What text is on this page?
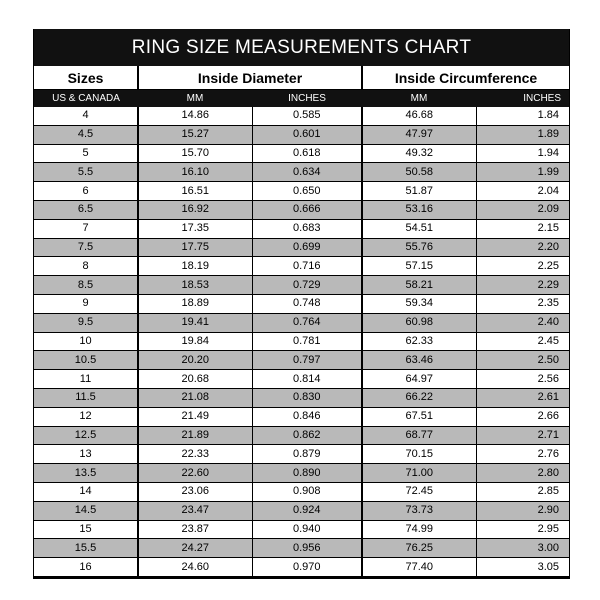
RING SIZE MEASUREMENTS CHART
Sizes	Inside Diameter		Inside Circumference	
US & CANADA	MM	INCHES	MM	INCHES
4	14.86	0.585	46.68	1.84
4.5	15.27	0.601	47.97	1.89
5	15.70	0.618	49.32	1.94
5.5	16.10	0.634	50.58	1.99
6	16.51	0.650	51.87	2.04
6.5	16.92	0.666	53.16	2.09
7	17.35	0.683	54.51	2.15
7.5	17.75	0.699	55.76	2.20
8	18.19	0.716	57.15	2.25
8.5	18.53	0.729	58.21	2.29
9	18.89	0.748	59.34	2.35
9.5	19.41	0.764	60.98	2.40
10	19.84	0.781	62.33	2.45
10.5	20.20	0.797	63.46	2.50
11	20.68	0.814	64.97	2.56
11.5	21.08	0.830	66.22	2.61
12	21.49	0.846	67.51	2.66
12.5	21.89	0.862	68.77	2.71
13	22.33	0.879	70.15	2.76
13.5	22.60	0.890	71.00	2.80
14	23.06	0.908	72.45	2.85
14.5	23.47	0.924	73.73	2.90
15	23.87	0.940	74.99	2.95
15.5	24.27	0.956	76.25	3.00
16	24.60	0.970	77.40	3.05
